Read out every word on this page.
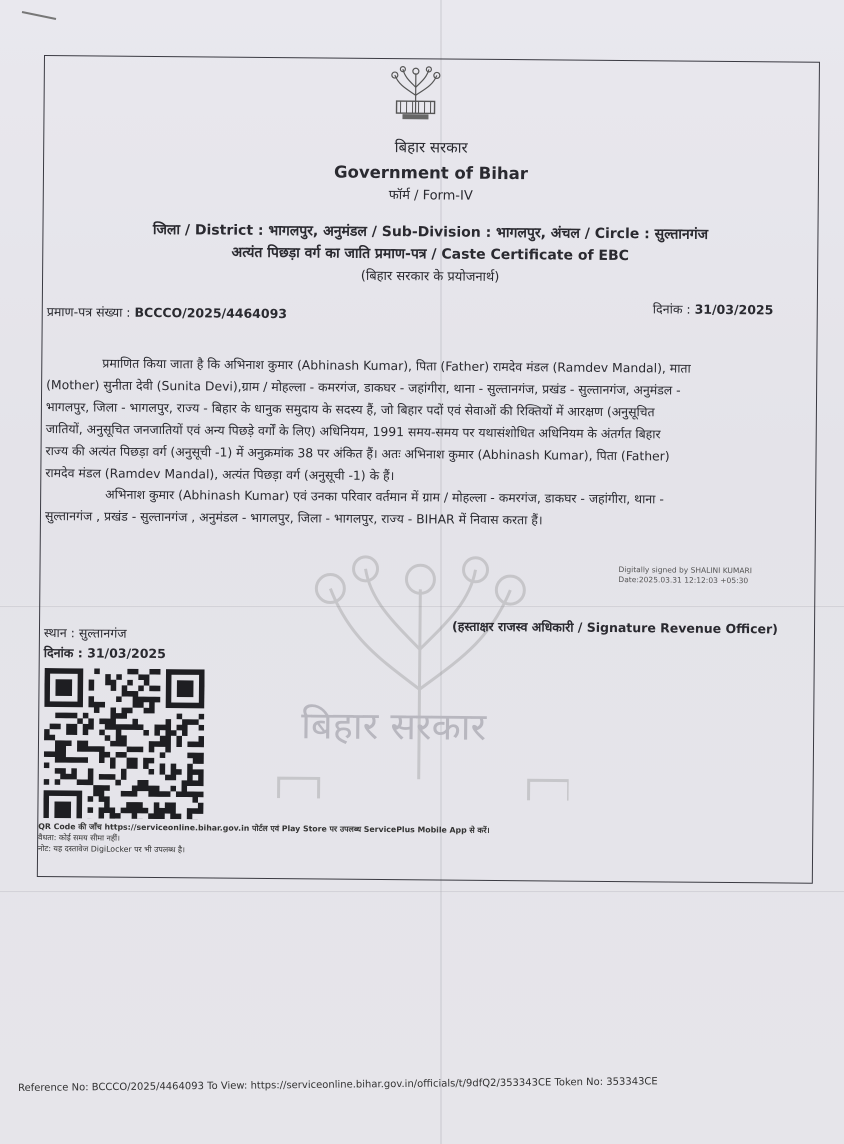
बिहार सरकार
Government of Bihar
फॉर्म / Form-IV
जिला / District : भागलपुर, अनुमंडल / Sub-Division : भागलपुर, अंचल / Circle : सुल्तानगंज
अत्यंत पिछड़ा वर्ग का जाति प्रमाण-पत्र / Caste Certificate of EBC
(बिहार सरकार के प्रयोजनार्थ)
प्रमाण-पत्र संख्या : BCCCO/2025/4464093	दिनांक : 31/03/2025
प्रमाणित किया जाता है कि अभिनाश कुमार (Abhinash Kumar), पिता (Father) रामदेव मंडल (Ramdev Mandal), माता
(Mother) सुनीता देवी (Sunita Devi),ग्राम / मोहल्ला - कमरगंज, डाकघर - जहांगीरा, थाना - सुल्तानगंज, प्रखंड - सुल्तानगंज, अनुमंडल -
भागलपुर, जिला - भागलपुर, राज्य - बिहार के धानुक समुदाय के सदस्य हैं, जो बिहार पदों एवं सेवाओं की रिक्तियों में आरक्षण (अनुसूचित
जातियों, अनुसूचित जनजातियों एवं अन्य पिछड़े वर्गों के लिए) अधिनियम, 1991 समय-समय पर यथासंशोधित अधिनियम के अंतर्गत बिहार
राज्य की अत्यंत पिछड़ा वर्ग (अनुसूची -1) में अनुक्रमांक 38 पर अंकित हैं। अतः अभिनाश कुमार (Abhinash Kumar), पिता (Father)
रामदेव मंडल (Ramdev Mandal), अत्यंत पिछड़ा वर्ग (अनुसूची -1) के हैं।
अभिनाश कुमार (Abhinash Kumar) एवं उनका परिवार वर्तमान में ग्राम / मोहल्ला - कमरगंज, डाकघर - जहांगीरा, थाना -
सुल्तानगंज , प्रखंड - सुल्तानगंज , अनुमंडल - भागलपुर, जिला - भागलपुर, राज्य - BIHAR में निवास करता हैं।
Digitally signed by SHALINI KUMARI
Date:2025.03.31 12:12:03 +05:30
स्थान : सुल्तानगंज
दिनांक : 31/03/2025
(हस्ताक्षर राजस्व अधिकारी / Signature Revenue Officer)
बिहार सरकार
QR Code की जाँच https://serviceonline.bihar.gov.in पोर्टल एवं Play Store पर उपलब्ध ServicePlus Mobile App से करें।
वैधता: कोई समय सीमा नहीं।
नोट: यह दस्तावेज DigiLocker पर भी उपलब्ध है।
Reference No: BCCCO/2025/4464093 To View: https://serviceonline.bihar.gov.in/officials/t/9dfQ2/353343CE Token No: 353343CE
